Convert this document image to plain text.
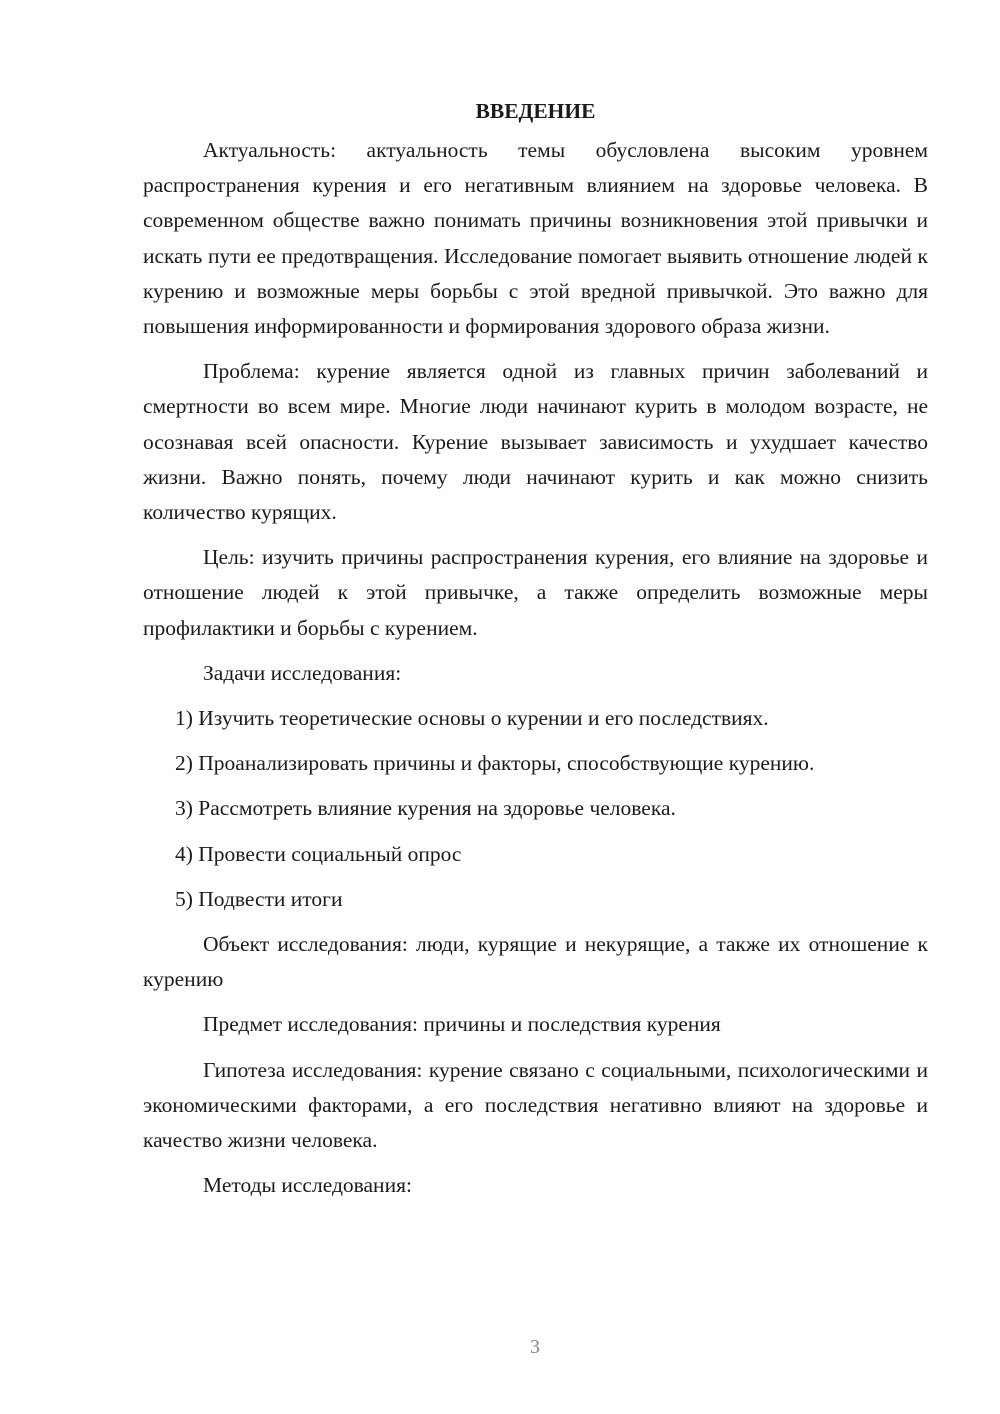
ВВЕДЕНИЕ

Актуальность: актуальность темы обусловлена высоким уровнем распространения курения и его негативным влиянием на здоровье человека. В современном обществе важно понимать причины возникновения этой привычки и искать пути ее предотвращения. Исследование помогает выявить отношение людей к курению и возможные меры борьбы с этой вредной привычкой. Это важно для повышения информированности и формирования здорового образа жизни.

Проблема: курение является одной из главных причин заболеваний и смертности во всем мире. Многие люди начинают курить в молодом возрасте, не осознавая всей опасности. Курение вызывает зависимость и ухудшает качество жизни. Важно понять, почему люди начинают курить и как можно снизить количество курящих.

Цель: изучить причины распространения курения, его влияние на здоровье и отношение людей к этой привычке, а также определить возможные меры профилактики и борьбы с курением.

Задачи исследования:

1) Изучить теоретические основы о курении и его последствиях.

2) Проанализировать причины и факторы, способствующие курению.

3) Рассмотреть влияние курения на здоровье человека.

4) Провести социальный опрос

5) Подвести итоги

Объект исследования: люди, курящие и некурящие, а также их отношение к курению

Предмет исследования: причины и последствия курения

Гипотеза исследования: курение связано с социальными, психологическими и экономическими факторами, а его последствия негативно влияют на здоровье и качество жизни человека.

Методы исследования:

3
